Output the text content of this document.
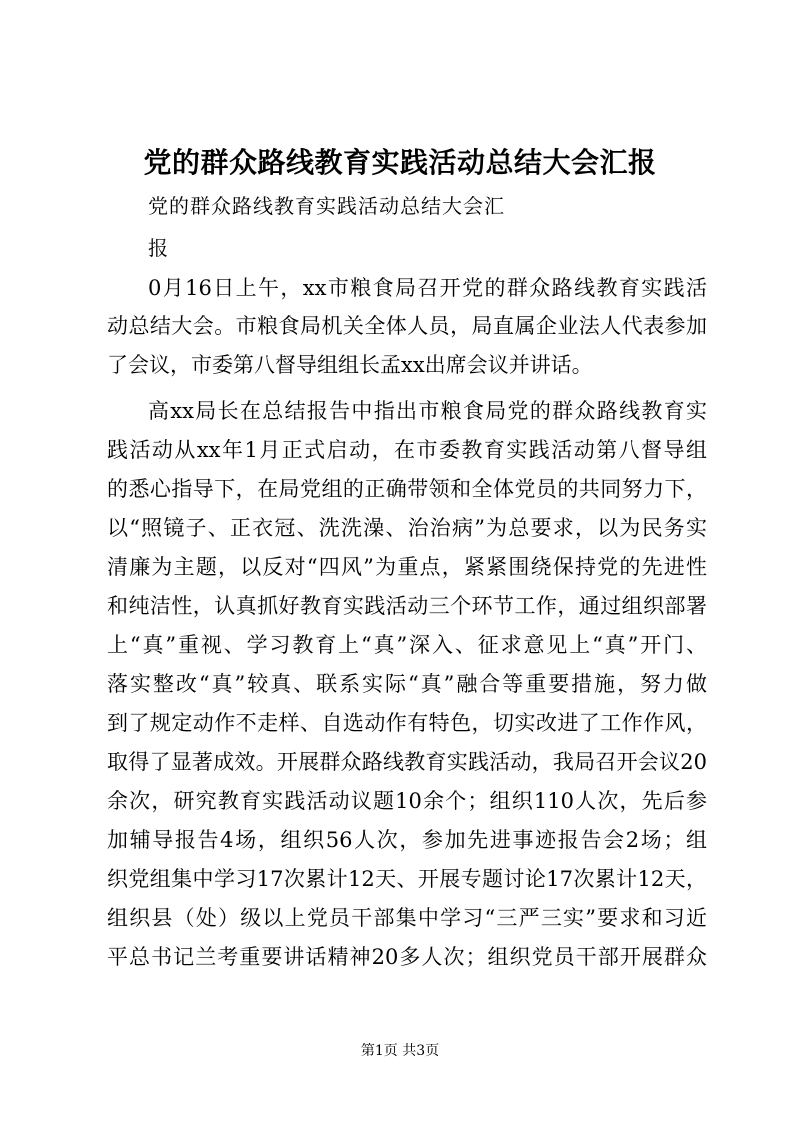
党的群众路线教育实践活动总结大会汇报
党的群众路线教育实践活动总结大会汇
报
0月16日上午，xx市粮食局召开党的群众路线教育实践活
动总结大会。市粮食局机关全体人员，局直属企业法人代表参加
了会议，市委第八督导组组长孟xx出席会议并讲话。
高xx局长在总结报告中指出市粮食局党的群众路线教育实
践活动从xx年1月正式启动，在市委教育实践活动第八督导组
的悉心指导下，在局党组的正确带领和全体党员的共同努力下，
以“照镜子、正衣冠、洗洗澡、治治病”为总要求，以为民务实
清廉为主题，以反对“四风”为重点，紧紧围绕保持党的先进性
和纯洁性，认真抓好教育实践活动三个环节工作，通过组织部署
上“真”重视、学习教育上“真”深入、征求意见上“真”开门、
落实整改“真”较真、联系实际“真”融合等重要措施，努力做
到了规定动作不走样、自选动作有特色，切实改进了工作作风，
取得了显著成效。开展群众路线教育实践活动，我局召开会议20
余次，研究教育实践活动议题10余个；组织110人次，先后参
加辅导报告4场，组织56人次，参加先进事迹报告会2场；组
织党组集中学习17次累计12天、开展专题讨论17次累计12天，
组织县（处）级以上党员干部集中学习“三严三实”要求和习近
平总书记兰考重要讲话精神20多人次；组织党员干部开展群众
第1页 共3页
